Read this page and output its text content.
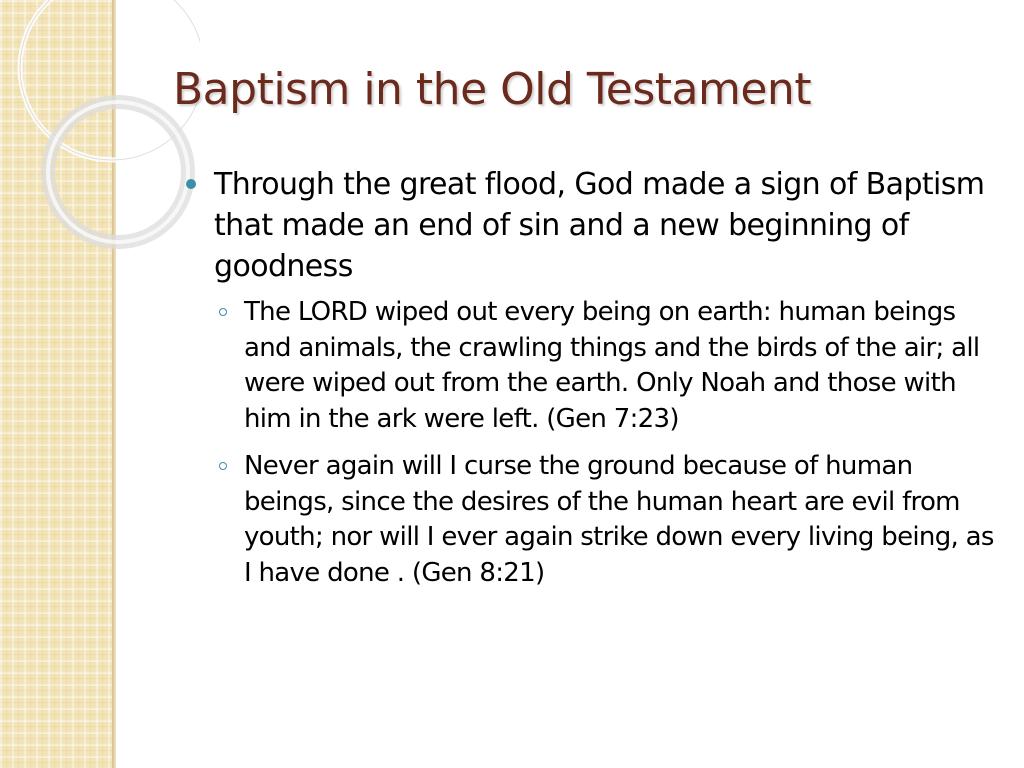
Baptism in the Old Testament
Through the great flood, God made a sign of Baptism that made an end of sin and a new beginning of goodness
The LORD wiped out every being on earth: human beings and animals, the crawling things and the birds of the air; all were wiped out from the earth. Only Noah and those with him in the ark were left. (Gen 7:23)
Never again will I curse the ground because of human beings, since the desires of the human heart are evil from youth; nor will I ever again strike down every living being, as I have done . (Gen 8:21)
